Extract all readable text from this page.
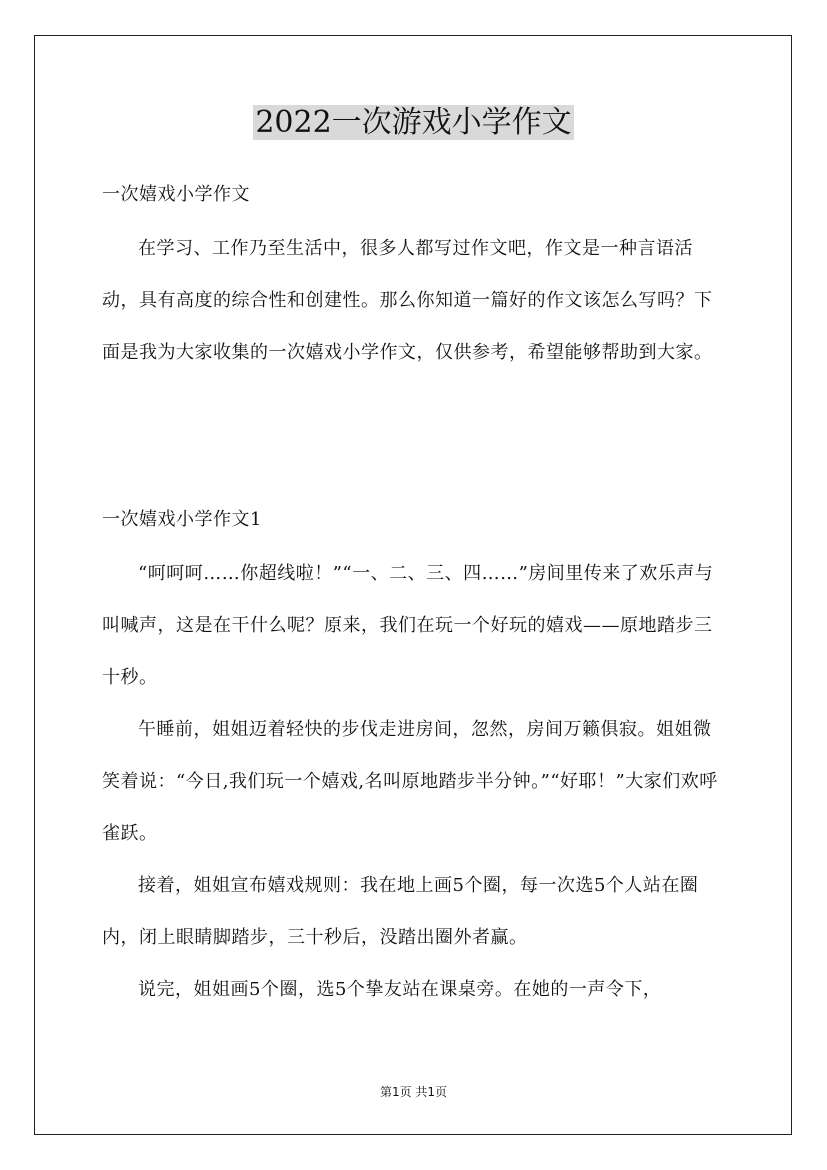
2022一次游戏小学作文
一次嬉戏小学作文

在学习、工作乃至生活中，很多人都写过作文吧，作文是一种言语活动，具有高度的综合性和创建性。那么你知道一篇好的作文该怎么写吗？下面是我为大家收集的一次嬉戏小学作文，仅供参考，希望能够帮助到大家。

一次嬉戏小学作文1

“呵呵呵……你超线啦！”“一、二、三、四……”房间里传来了欢乐声与叫喊声，这是在干什么呢？原来，我们在玩一个好玩的嬉戏——原地踏步三十秒。

午睡前，姐姐迈着轻快的步伐走进房间，忽然，房间万籁俱寂。姐姐微笑着说：“今日,我们玩一个嬉戏,名叫原地踏步半分钟。”“好耶！”大家们欢呼雀跃。

接着，姐姐宣布嬉戏规则：我在地上画5个圈，每一次选5个人站在圈内，闭上眼睛脚踏步，三十秒后，没踏出圈外者赢。

说完，姐姐画5个圈，选5个挚友站在课桌旁。在她的一声令下，

第1页 共1页
